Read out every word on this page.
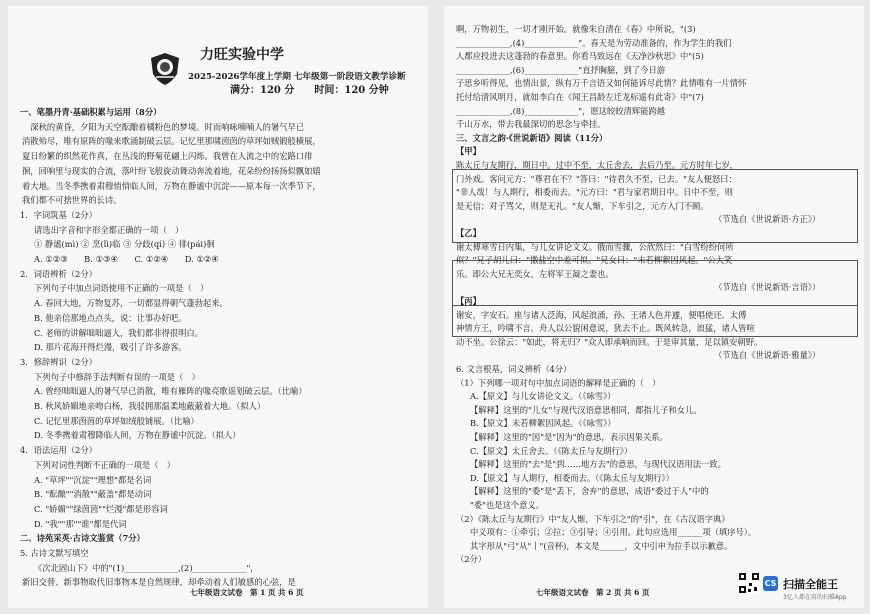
力旺实验中学
2025-2026学年度上学期 七年级第一阶段语文教学诊断
满分：120 分　　时间：120 分钟
一、笔墨丹青·基础积累与运用（8分）
　深秋的黄昏，夕阳为天空酝酿着橘粉色的梦境。时而响咏喃喃人的暑气早已
消散殆尽，唯有原阵的喙来歌涌制破云层。记忆里那啸茵茵的草坪如贼锻般横展，
夏日纷繁的织然花作真，在丛浅的野菊花翩上闪烁。我曾在人流之中的宏路口徘
徊，回响里与现实的合流，落叶纷飞般旋动舞动奔流着地，花朵纷纷扬扬似飘如嬉
着大地。当冬季携着肃穆悄悄临人间，万物在静谧中沉淀——原本每一次季节下，
我们都不可捨世界的长诗。
1．字词筑基（2分）
请选出字音和字形全都正确的一项（　）
① 静谧(mì) ② 烹(lì)临 ③ 分歧(qí) ④ 徘(pái)徊
A. ①②③　　B. ①③④　　C. ①②④　　D. ①②④
2．词语辨析（2分）
下列句子中加点词语使用不正确的一项是（　）
A. 春回大地，万物复苏，一切都显得朝气蓬勃起来。
B. 他亲信那地点点头，说：让事办好吧。
C. 老师的讲解咄咄逼人，我们都非得很明白。
D. 那片花海开得烂漫，吸引了许多游客。
3．修辞辨识（2分）
下列句子中修辞手法判断有误的一项是（　）
A. 曾经咄咄逼人的暑气早已消散，唯有雁阵的喙亮歌谣划破云层。（比喻）
B. 秋风娇媚地亲吻白杨，我驳拥那温柔地蔽蔽着大地。（拟人）
C. 记忆里那茵茵的草坪如绒般铺展。（比喻）
D. 冬季携着肃穆降临人间，万物在静谧中沉淀。（拟人）
4．语法运用（2分）
下列对词性判断不正确的一项是（　）
A. "草坪""沉淀""理想"都是名词
B. "酝酿""消散""蔽盖"都是动词
C. "娇媚""绿茵茵""烂漫"都是形容词
D. "我""那""谁"都是代词
二、诗苑采英·古诗文鉴赏（7分）
5. 古诗文默写填空
《次北固山下》中的"(1)_____________,(2)_____________"，
新旧交替、新事物取代旧事物本是自然规律，却牵动着人们敏感的心弦，是
七年级语文试卷　第 1 页 共 6 页
啊，万物初生，一切才刚开始。就像朱自清在《春》中所说，"(3)
_____________,(4)_____________"。春天是为劳动准备的，作为学生的我们
人都应投进去这蓬勃的春意里。你看马致远在《天净沙秋思》中"(5)
_____________,(6)_____________"直抒胸臆，到了今日游
子思乡听得见，也情出景，纵有万千言语又如何能诉尽此情？此情唯有一片情怀
托付给清风明月，就如李白在《闻王昌龄左迁龙标遥有此寄》中"(7)
_____________,(8)_____________"，愿这皎皎清辉能跨越
千山万水，带去我最深切的思念与牵挂。
三、文言之韵·《世说新语》阅读（11分）
【甲】
陈太丘与友期行，期日中。过中不至，太丘舍去，去后乃至。元方时年七岁，
门外戏。客问元方："尊君在不？"答曰："待君久不至，已去。"友人便怒曰：
"非人哉！与人期行，相委而去。"元方曰："君与家君期日中。日中不至，则
是无信；对子骂父，则是无礼。"友人惭，下车引之，元方入门不顾。
（节选自《世说新语·方正》）
【乙】
谢太傅寒雪日内集，与儿女讲论文义。俄而雪骤，公欣然曰："白雪纷纷何所
似？"兄子胡儿曰："撒盐空中差可拟。"兄女曰："未若柳絮因风起。"公大笑
乐。即公大兄无奕女，左将军王凝之妻也。
（节选自《世说新语·言语》）
【丙】
谢安，字安石。座与诸人泛海，风起浪涌，孙、王诸人色并遽，便唱使还。太傅
神情方王，吟啸不言。舟人以公貌闲意说，犹去不止。既风转急，浪猛，诸人皆喧
动不坐。公徐云："如此，将无归？"众人即承响而回。于是审其量，足以镇安朝野。
（节选自《世说新语·雅量》）
6. 文言根基，词义辨析（4分）
（1）下列哪一项对句中加点词语的解释是正确的（　）
A.【原文】与儿女讲论文义。（《咏雪》）
【解释】这里的"儿女"与现代汉语意思相同，都指儿子和女儿。
B.【原文】未若柳絮因风起。（《咏雪》）
【解释】这里的"因"是"因为"的意思，表示因果关系。
C.【原文】太丘舍去。（《陈太丘与友期行》）
【解释】这里的"去"是"到……地方去"的意思，与现代汉语用法一致。
D.【原文】与人期行，相委而去。（《陈太丘与友期行》）
【解释】这里的"委"是"丢下，舍弃"的意思，成语"委过于人"中的
"委"也是这个意义。
（2）《陈太丘与友期行》中"友人惭，下车引之"的"引"，在《古汉语字典》
中义项有：①牵引；②拉；③引导；④引用。此句应选用______项（填序号）。
其字形从"弓"从"丨"(音杯)，本文是______，文中引申为拉手以示歉意。
（2分）
七年级语文试卷　第 2 页 共 6 页
CS 扫描全能王
3亿人都在用的扫描App
